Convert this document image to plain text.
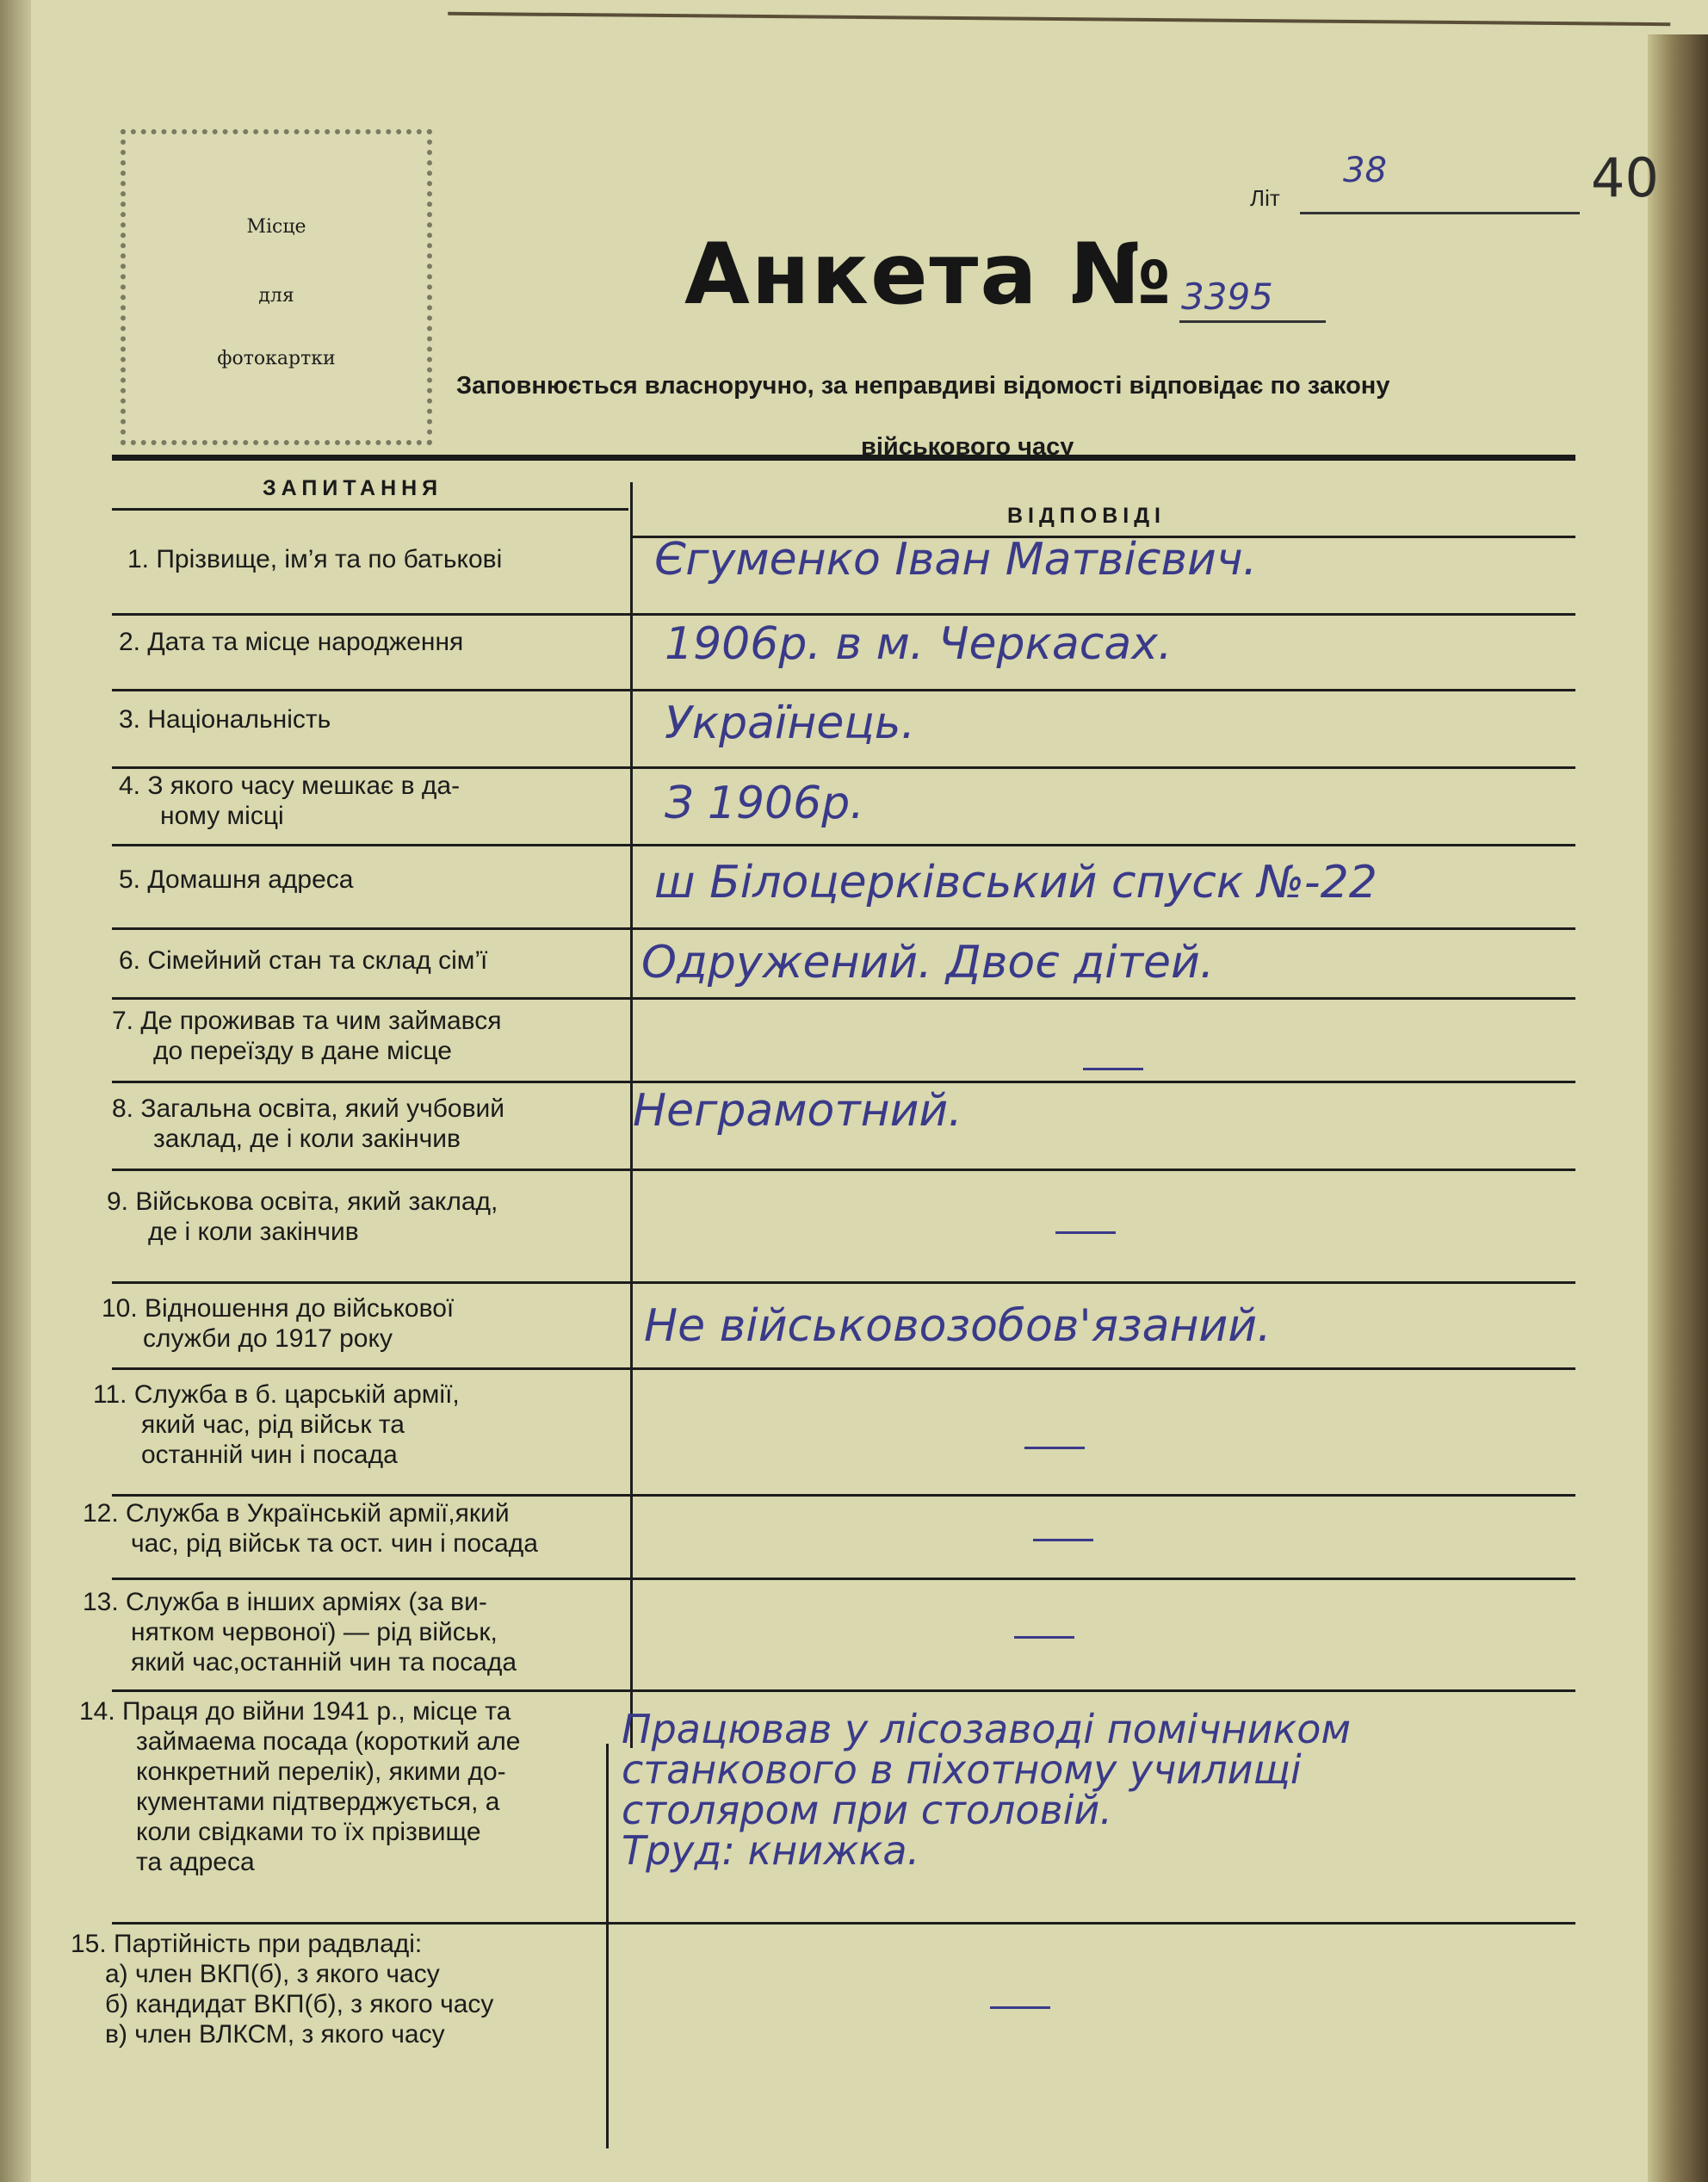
Місце
для
фотокартки
Літ
38	40
Анкета № 3395
Заповнюється власноручно, за неправдиві відомості відповідає по закону
військового часу
ЗАПИТАННЯ
ВІДПОВІДІ
1. Прізвище, ім’я та по батькові	Єгуменко Іван Матвієвич.
2. Дата та місце народження	1906р. в м. Черкасах.
3. Національність	Українець.
4. З якого часу мешкає в да-
ному місці	З 1906р.
5. Домашня адреса	ш Білоцерківський спуск №-22
6. Сімейний стан та склад сім’ї	Одружений. Двоє дітей.
7. Де проживав та чим займався
до переїзду в дане місце
8. Загальна освіта, який учбовий
заклад, де і коли закінчив
Неграмотний.
9. Військова освіта, який заклад,
де і коли закінчив
10. Відношення до військової
служби до 1917 року	Не військовозобов'язаний.
11. Служба в б. царській армії,
який час, рід військ та
останній чин і посада
12. Служба в Українській армії,який
час, рід військ та ост. чин і посада
13. Служба в інших арміях (за ви-
нятком червоної) — рід військ,
який час,останній чин та посада
14. Праця до війни 1941 р., місце та
займаема посада (короткий але
конкретний перелік), якими до-
кументами підтверджується, а
коли свідками то їх прізвище
та адреса
Працював у лісозаводі помічником
станкового в піхотному училищі
столяром при столовій.
Труд: книжка.
15. Партійність при радвладі:
а) член ВКП(б), з якого часу
б) кандидат ВКП(б), з якого часу
в) член ВЛКСМ, з якого часу
